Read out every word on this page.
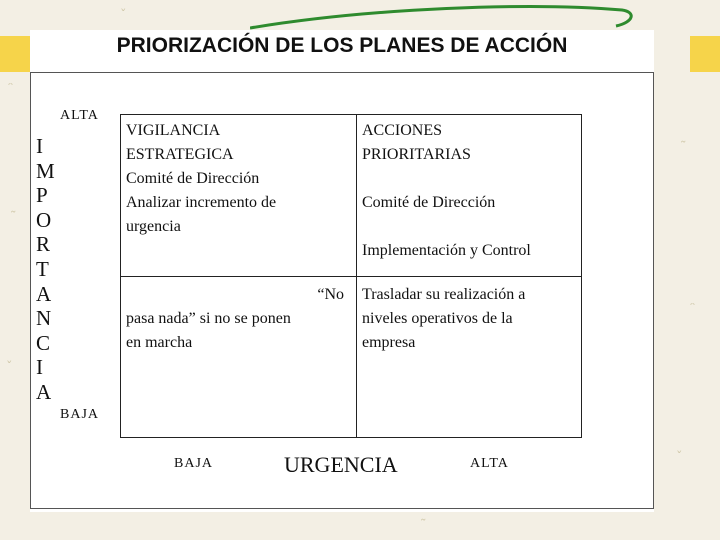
ᵔ
˜
ˇ
˜
ᵔ
ˇ
ˇ
˜
PRIORIZACIÓN DE LOS PLANES DE ACCIÓN
I
M
P
O
R
T
A
N
C
I
A
ALTA
BAJA
VIGILANCIA
ESTRATEGICA
Comité de Dirección
Analizar incremento de
urgencia
ACCIONES
PRIORITARIAS
Comité de Dirección
Implementación y Control
“No
pasa nada” si no se ponen
en marcha
Trasladar su realización a
niveles operativos de la
empresa
BAJA	URGENCIA	ALTA
